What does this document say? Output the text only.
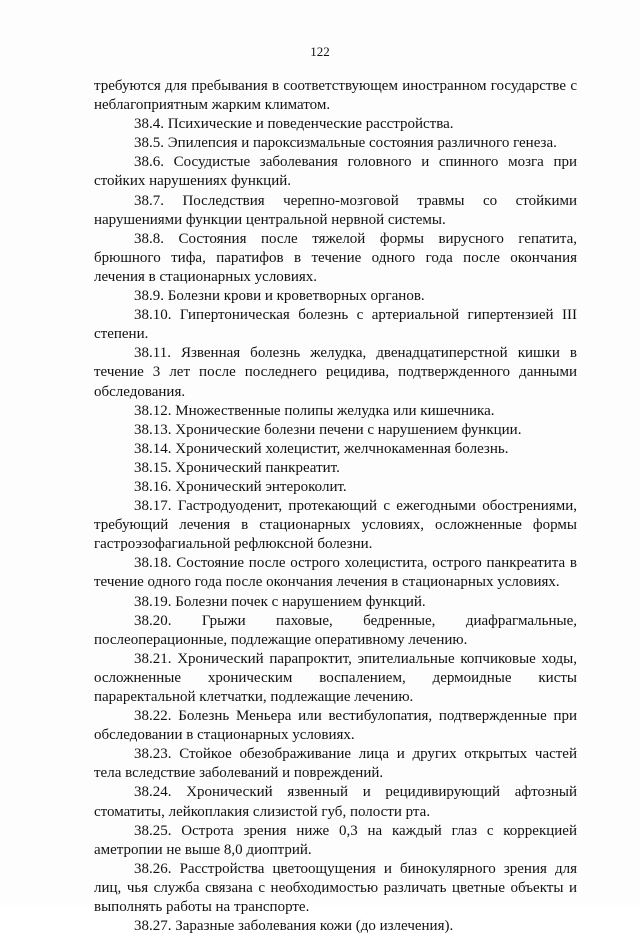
122

требуются для пребывания в соответствующем иностранном государстве с неблагоприятным жарким климатом.

38.4. Психические и поведенческие расстройства.

38.5. Эпилепсия и пароксизмальные состояния различного генеза.

38.6. Сосудистые заболевания головного и спинного мозга при стойких нарушениях функций.

38.7. Последствия черепно-мозговой травмы со стойкими нарушениями функции центральной нервной системы.

38.8. Состояния после тяжелой формы вирусного гепатита, брюшного тифа, паратифов в течение одного года после окончания лечения в стационарных условиях.

38.9. Болезни крови и кроветворных органов.

38.10. Гипертоническая болезнь с артериальной гипертензией III степени.

38.11. Язвенная болезнь желудка, двенадцатиперстной кишки в течение 3 лет после последнего рецидива, подтвержденного данными обследования.

38.12. Множественные полипы желудка или кишечника.

38.13. Хронические болезни печени с нарушением функции.

38.14. Хронический холецистит, желчнокаменная болезнь.

38.15. Хронический панкреатит.

38.16. Хронический энтероколит.

38.17. Гастродуоденит, протекающий с ежегодными обострениями, требующий лечения в стационарных условиях, осложненные формы гастроэзофагиальной рефлюксной болезни.

38.18. Состояние после острого холецистита, острого панкреатита в течение одного года после окончания лечения в стационарных условиях.

38.19. Болезни почек с нарушением функций.

38.20. Грыжи паховые, бедренные, диафрагмальные, послеоперационные, подлежащие оперативному лечению.

38.21. Хронический парапроктит, эпителиальные копчиковые ходы, осложненные хроническим воспалением, дермоидные кисты параректальной клетчатки, подлежащие лечению.

38.22. Болезнь Меньера или вестибулопатия, подтвержденные при обследовании в стационарных условиях.

38.23. Стойкое обезображивание лица и других открытых частей тела вследствие заболеваний и повреждений.

38.24. Хронический язвенный и рецидивирующий афтозный стоматиты, лейкоплакия слизистой губ, полости рта.

38.25. Острота зрения ниже 0,3 на каждый глаз с коррекцией аметропии не выше 8,0 диоптрий.

38.26. Расстройства цветоощущения и бинокулярного зрения для лиц, чья служба связана с необходимостью различать цветные объекты и выполнять работы на транспорте.

38.27. Заразные заболевания кожи (до излечения).
